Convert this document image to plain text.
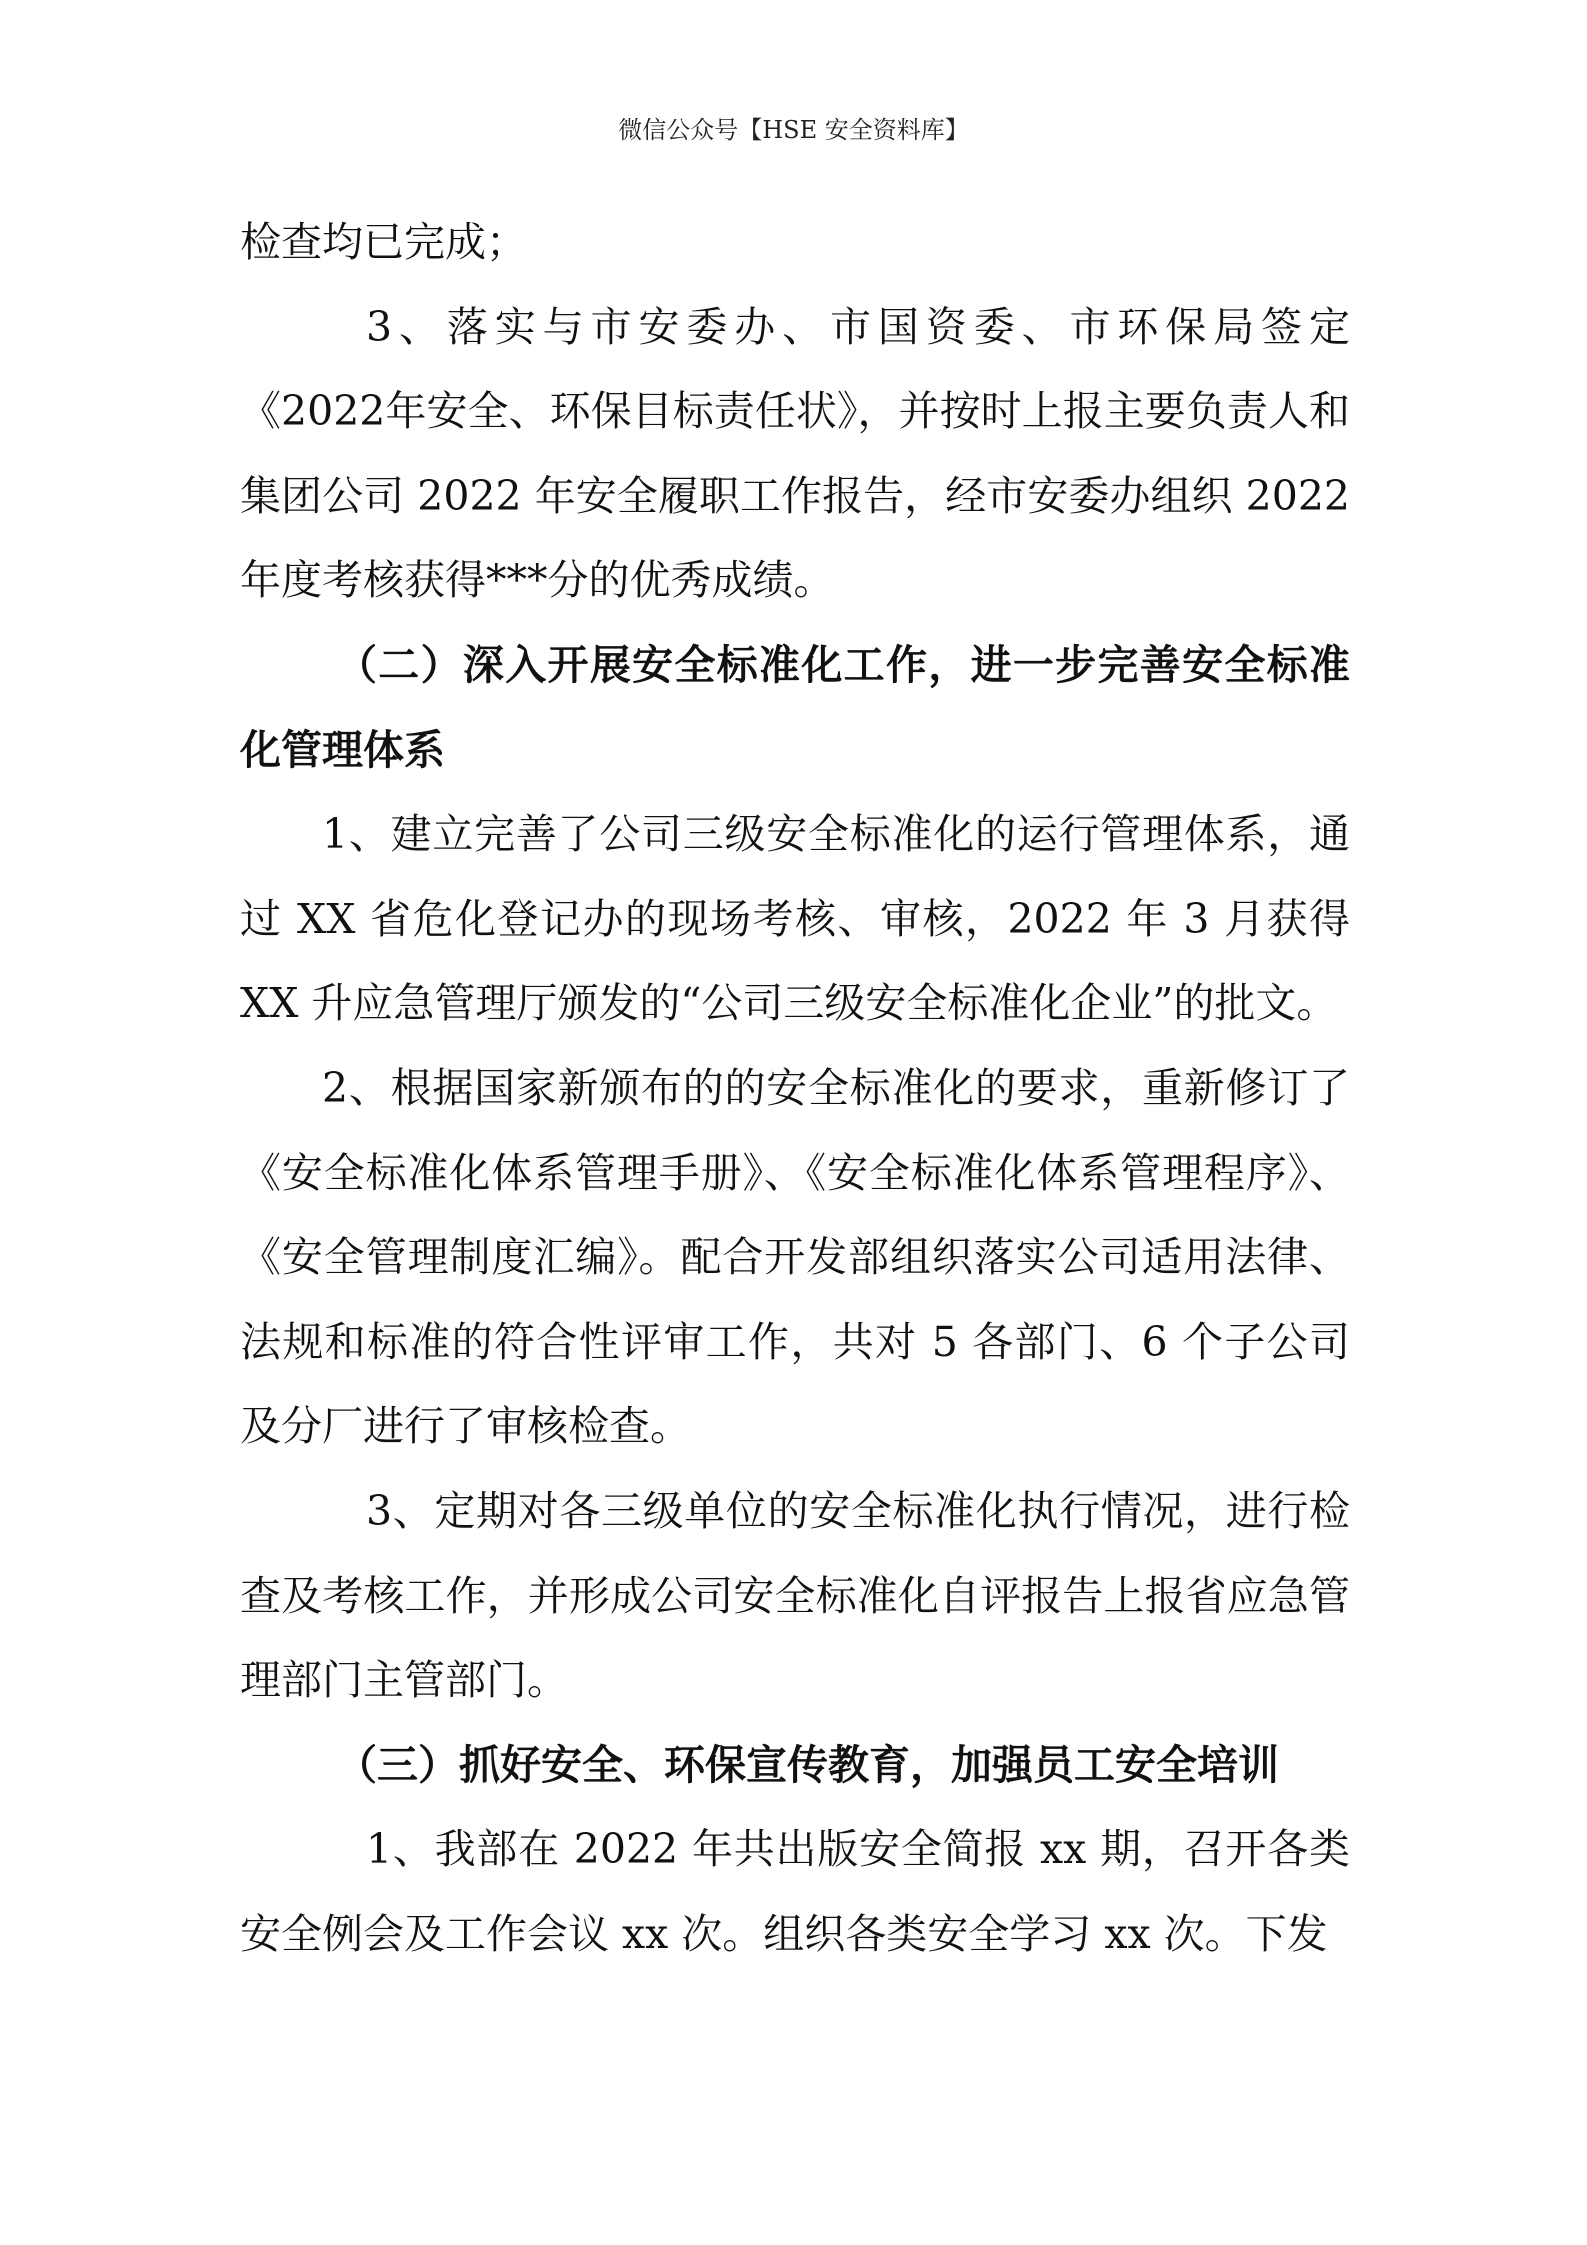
微信公众号【HSE 安全资料库】

检查均已完成；

3、落实与市安委办、市国资委、市环保局签定《2022年安全、环保目标责任状》，并按时上报主要负责人和集团公司 2022 年安全履职工作报告，经市安委办组织 2022 年度考核获得***分的优秀成绩。

（二）深入开展安全标准化工作，进一步完善安全标准化管理体系

1、建立完善了公司三级安全标准化的运行管理体系，通过 XX 省危化登记办的现场考核、审核，2022 年 3 月获得 XX 升应急管理厅颁发的“公司三级安全标准化企业”的批文。

2、根据国家新颁布的的安全标准化的要求，重新修订了《安全标准化体系管理手册》、《安全标准化体系管理程序》、《安全管理制度汇编》。配合开发部组织落实公司适用法律、法规和标准的符合性评审工作，共对 5 各部门、6 个子公司及分厂进行了审核检查。

3、定期对各三级单位的安全标准化执行情况，进行检查及考核工作，并形成公司安全标准化自评报告上报省应急管理部门主管部门。

（三）抓好安全、环保宣传教育，加强员工安全培训

1、我部在 2022 年共出版安全简报 xx 期，召开各类安全例会及工作会议 xx 次。组织各类安全学习 xx 次。下发
